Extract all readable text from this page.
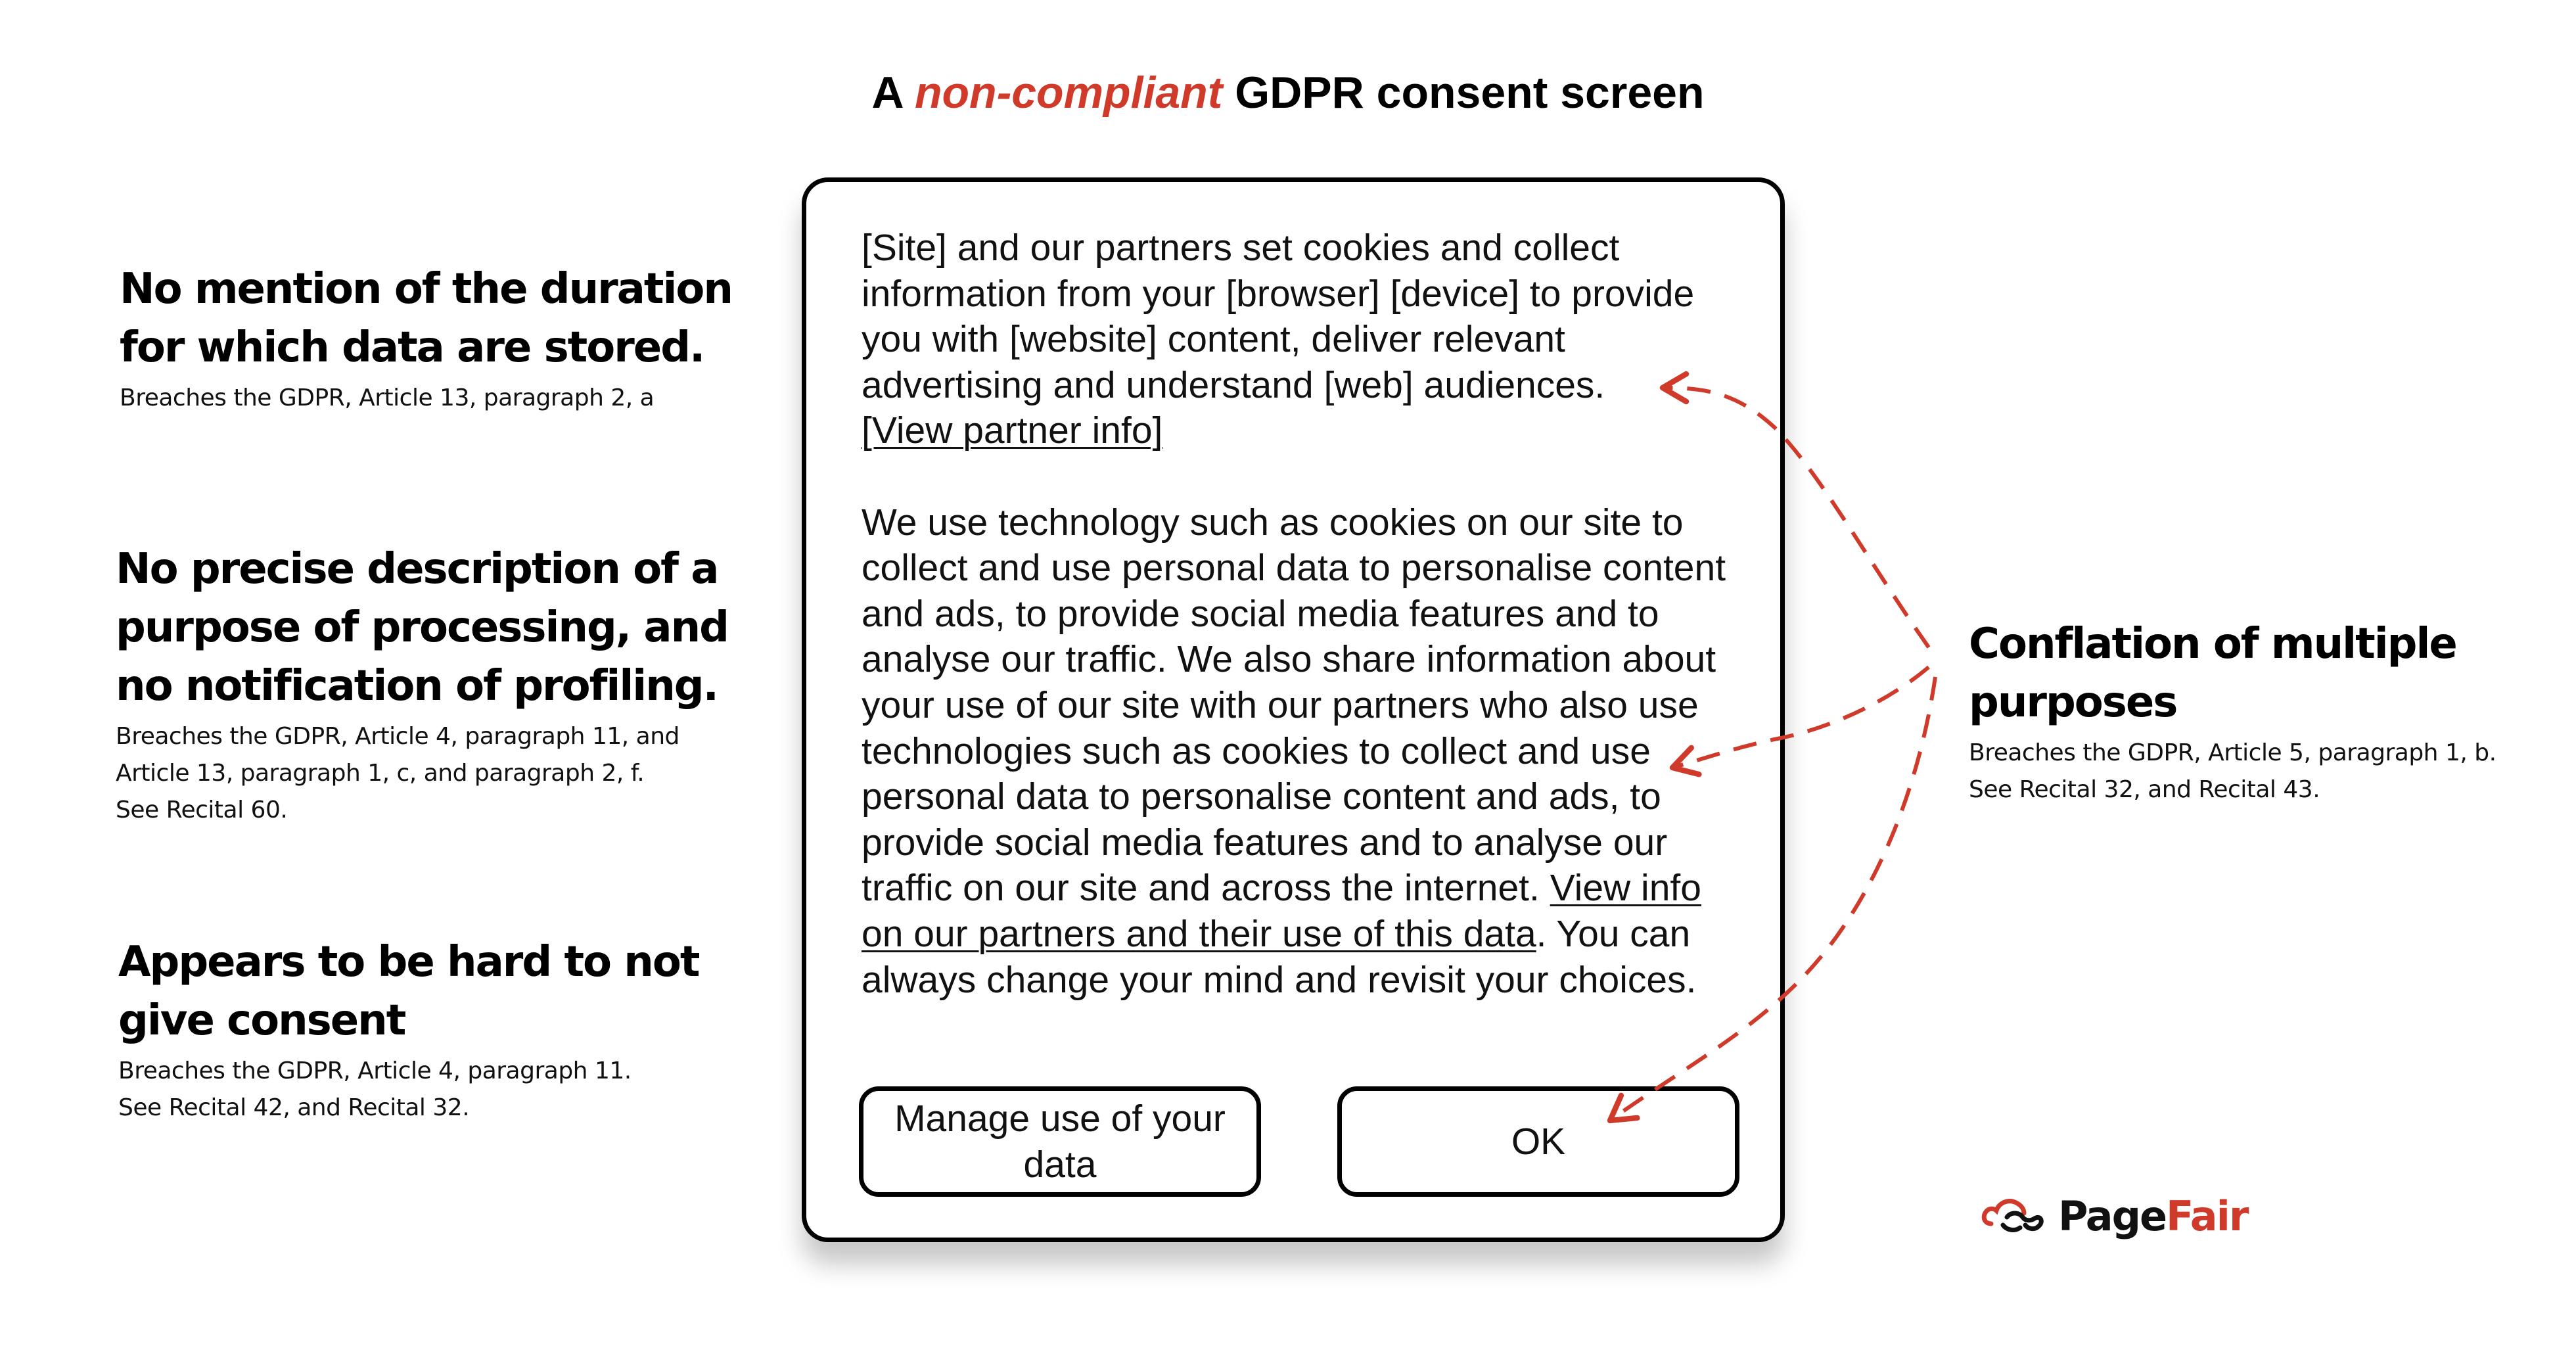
A non-compliant GDPR consent screen
No mention of the duration
for which data are stored.
Breaches the GDPR, Article 13, paragraph 2, a
No precise description of a
purpose of processing, and
no notification of profiling.
Breaches the GDPR, Article 4, paragraph 11, and
Article 13, paragraph 1, c, and paragraph 2, f.
See Recital 60.
Appears to be hard to not
give consent
Breaches the GDPR, Article 4, paragraph 11.
See Recital 42, and Recital 32.
Conflation of multiple
purposes
Breaches the GDPR, Article 5, paragraph 1, b.
See Recital 32, and Recital 43.

[Site] and our partners set cookies and collect information from your [browser] [device] to provide you with [website] content, deliver relevant advertising and understand [web] audiences.
[View partner info]

We use technology such as cookies on our site to collect and use personal data to personalise content and ads, to provide social media features and to analyse our traffic. We also share information about your use of our site with our partners who also use technologies such as cookies to collect and use personal data to personalise content and ads, to provide social media features and to analyse our traffic on our site and across the internet. View info on our partners and their use of this data. You can always change your mind and revisit your choices.

Manage use of your data
OK
PageFair
